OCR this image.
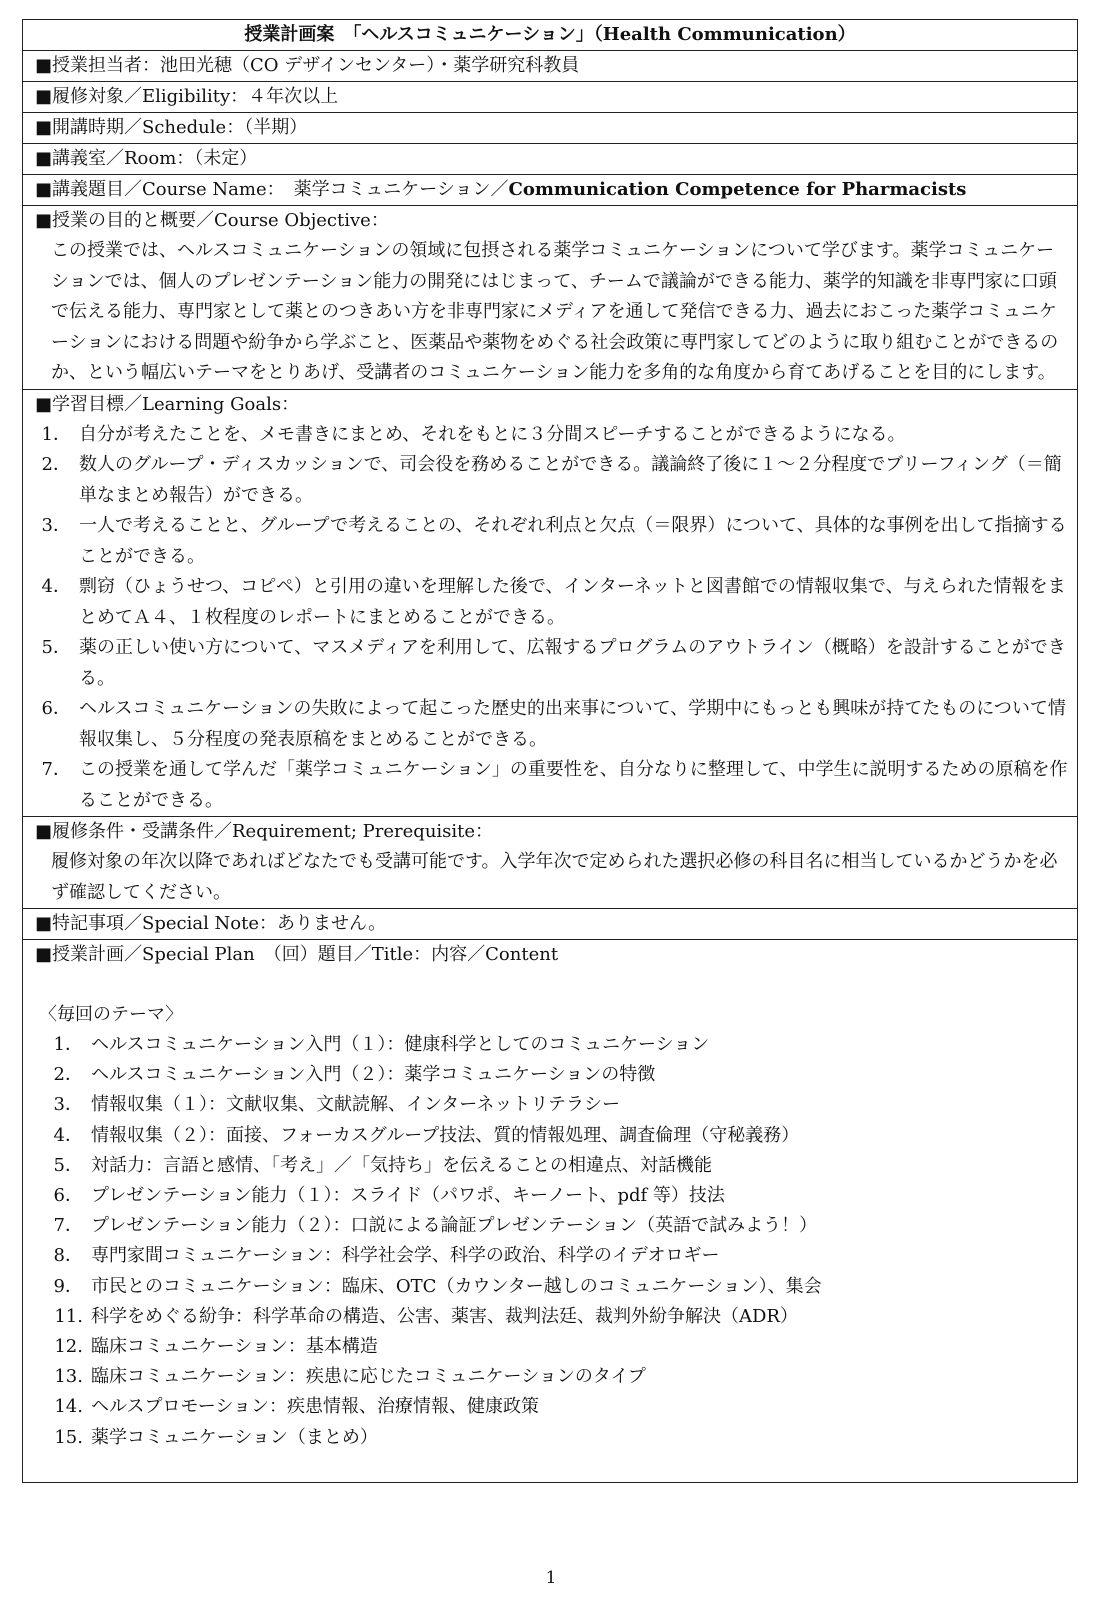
授業計画案　「ヘルスコミュニケーション」（Health Communication）
■授業担当者：池田光穂（CO デザインセンター）・薬学研究科教員
■履修対象／Eligibility：４年次以上
■開講時期／Schedule：（半期）
■講義室／Room：（未定）
■講義題目／Course Name：　薬学コミュニケーション／Communication Competence for Pharmacists
■授業の目的と概要／Course Objective：
この授業では、ヘルスコミュニケーションの領域に包摂される薬学コミュニケーションについて学びます。薬学コミュニケーションでは、個人のプレゼンテーション能力の開発にはじまって、チームで議論ができる能力、薬学的知識を非専門家に口頭で伝える能力、専門家として薬とのつきあい方を非専門家にメディアを通して発信できる力、過去におこった薬学コミュニケーションにおける問題や紛争から学ぶこと、医薬品や薬物をめぐる社会政策に専門家してどのように取り組むことができるのか、という幅広いテーマをとりあげ、受講者のコミュニケーション能力を多角的な角度から育てあげることを目的にします。
■学習目標／Learning Goals：
1． 自分が考えたことを、メモ書きにまとめ、それをもとに３分間スピーチすることができるようになる。
2． 数人のグループ・ディスカッションで、司会役を務めることができる。議論終了後に１～２分程度でブリーフィング（＝簡単なまとめ報告）ができる。
3． 一人で考えることと、グループで考えることの、それぞれ利点と欠点（＝限界）について、具体的な事例を出して指摘することができる。
4． 剽窃（ひょうせつ、コピペ）と引用の違いを理解した後で、インターネットと図書館での情報収集で、与えられた情報をまとめてＡ４、１枚程度のレポートにまとめることができる。
5． 薬の正しい使い方について、マスメディアを利用して、広報するプログラムのアウトライン（概略）を設計することができる。
6． ヘルスコミュニケーションの失敗によって起こった歴史的出来事について、学期中にもっとも興味が持てたものについて情報収集し、５分程度の発表原稿をまとめることができる。
7． この授業を通して学んだ「薬学コミュニケーション」の重要性を、自分なりに整理して、中学生に説明するための原稿を作ることができる。
■履修条件・受講条件／Requirement; Prerequisite：
履修対象の年次以降であればどなたでも受講可能です。入学年次で定められた選択必修の科目名に相当しているかどうかを必ず確認してください。
■特記事項／Special Note：ありません。
■授業計画／Special Plan　（回）題目／Title：内容／Content
〈毎回のテーマ〉
1． ヘルスコミュニケーション入門（１）：健康科学としてのコミュニケーション
2． ヘルスコミュニケーション入門（２）：薬学コミュニケーションの特徴
3． 情報収集（１）：文献収集、文献読解、インターネットリテラシー
4． 情報収集（２）：面接、フォーカスグループ技法、質的情報処理、調査倫理（守秘義務）
5． 対話力：言語と感情、「考え」／「気持ち」を伝えることの相違点、対話機能
6． プレゼンテーション能力（１）：スライド（パワポ、キーノート、pdf 等）技法
7． プレゼンテーション能力（２）：口説による論証プレゼンテーション（英語で試みよう！）
8． 専門家間コミュニケーション：科学社会学、科学の政治、科学のイデオロギー
9． 市民とのコミュニケーション：臨床、OTC（カウンター越しのコミュニケーション）、集会
11. 科学をめぐる紛争：科学革命の構造、公害、薬害、裁判法廷、裁判外紛争解決（ADR）
12. 臨床コミュニケーション：基本構造
13. 臨床コミュニケーション：疾患に応じたコミュニケーションのタイプ
14. ヘルスプロモーション：疾患情報、治療情報、健康政策
15. 薬学コミュニケーション（まとめ）
1
